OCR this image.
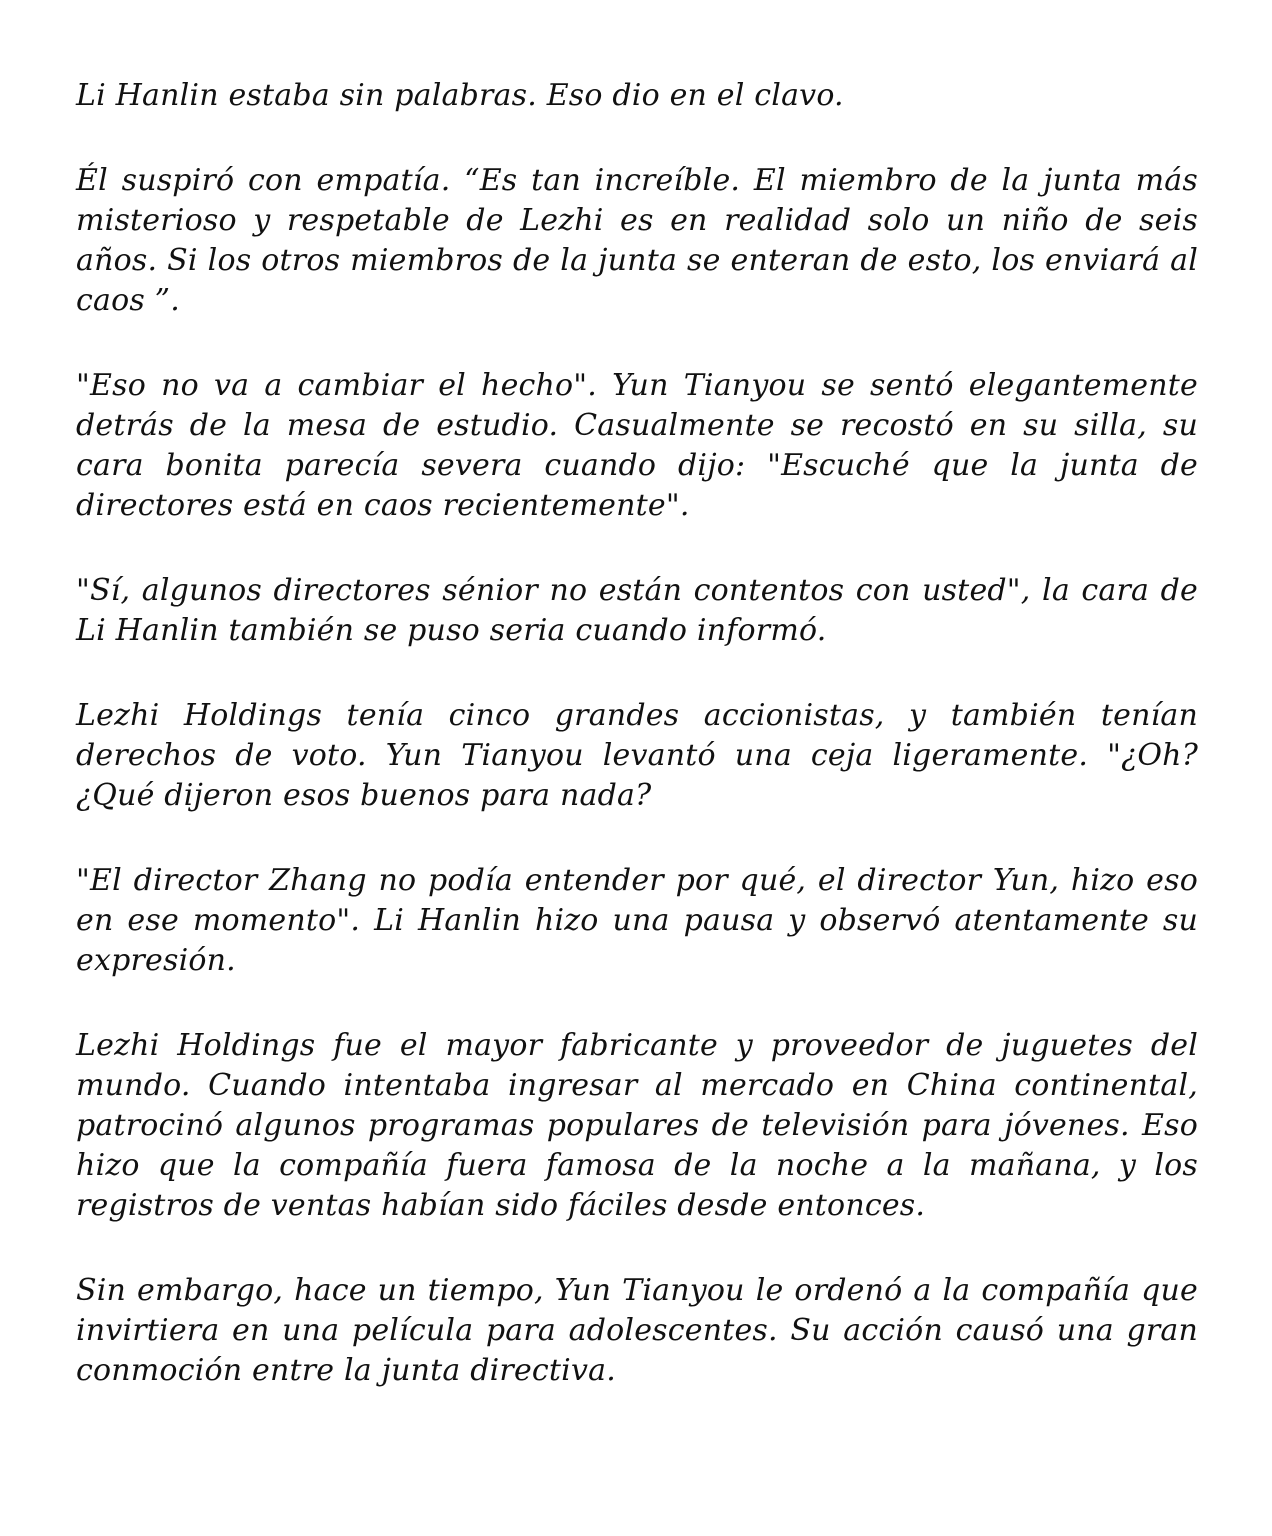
Li Hanlin estaba sin palabras. Eso dio en el clavo.

Él suspiró con empatía. “Es tan increíble. El miembro de la junta más misterioso y respetable de Lezhi es en realidad solo un niño de seis años. Si los otros miembros de la junta se enteran de esto, los enviará al caos ”.

"Eso no va a cambiar el hecho". Yun Tianyou se sentó elegantemente detrás de la mesa de estudio. Casualmente se recostó en su silla, su cara bonita parecía severa cuando dijo: "Escuché que la junta de directores está en caos recientemente".

"Sí, algunos directores sénior no están contentos con usted", la cara de Li Hanlin también se puso seria cuando informó.

Lezhi Holdings tenía cinco grandes accionistas, y también tenían derechos de voto. Yun Tianyou levantó una ceja ligeramente. "¿Oh? ¿Qué dijeron esos buenos para nada?

"El director Zhang no podía entender por qué, el director Yun, hizo eso en ese momento". Li Hanlin hizo una pausa y observó atentamente su expresión.

Lezhi Holdings fue el mayor fabricante y proveedor de juguetes del mundo. Cuando intentaba ingresar al mercado en China continental, patrocinó algunos programas populares de televisión para jóvenes. Eso hizo que la compañía fuera famosa de la noche a la mañana, y los registros de ventas habían sido fáciles desde entonces.

Sin embargo, hace un tiempo, Yun Tianyou le ordenó a la compañía que invirtiera en una película para adolescentes. Su acción causó una gran conmoción entre la junta directiva.
